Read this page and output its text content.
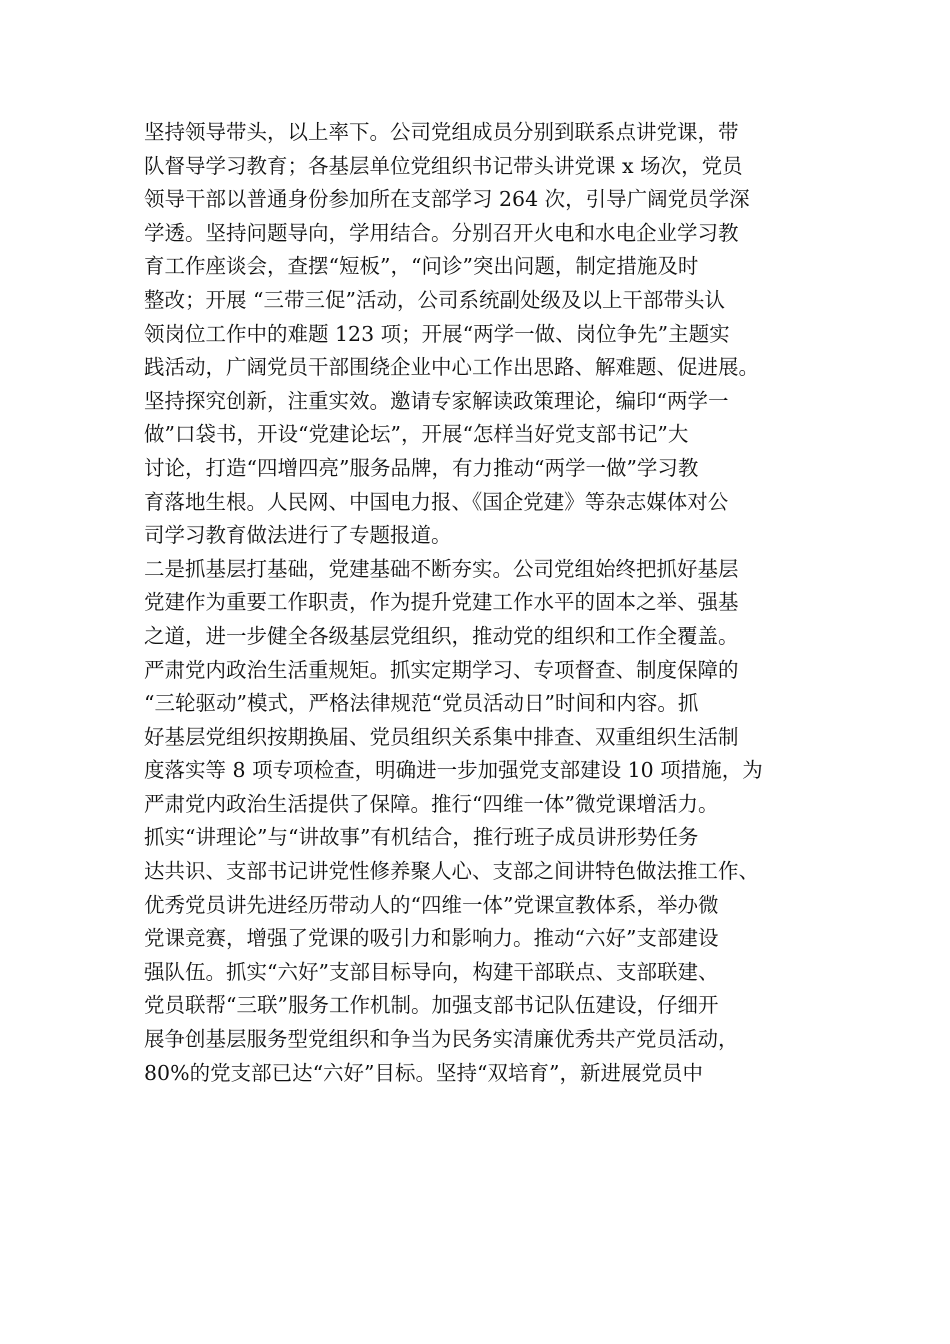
坚持领导带头，以上率下。公司党组成员分别到联系点讲党课，带
队督导学习教育；各基层单位党组织书记带头讲党课 x 场次，党员
领导干部以普通身份参加所在支部学习 264 次，引导广阔党员学深
学透。坚持问题导向，学用结合。分别召开火电和水电企业学习教
育工作座谈会，查摆“短板”，“问诊”突出问题，制定措施及时
整改；开展 “三带三促”活动，公司系统副处级及以上干部带头认
领岗位工作中的难题 123 项；开展“两学一做、岗位争先”主题实
践活动，广阔党员干部围绕企业中心工作出思路、解难题、促进展。
坚持探究创新，注重实效。邀请专家解读政策理论，编印“两学一
做”口袋书，开设“党建论坛”，开展“怎样当好党支部书记”大
讨论，打造“四增四亮”服务品牌，有力推动“两学一做”学习教
育落地生根。人民网、中国电力报、《国企党建》等杂志媒体对公
司学习教育做法进行了专题报道。
二是抓基层打基础，党建基础不断夯实。公司党组始终把抓好基层
党建作为重要工作职责，作为提升党建工作水平的固本之举、强基
之道，进一步健全各级基层党组织，推动党的组织和工作全覆盖。
严肃党内政治生活重规矩。抓实定期学习、专项督查、制度保障的
“三轮驱动”模式，严格法律规范“党员活动日”时间和内容。抓
好基层党组织按期换届、党员组织关系集中排查、双重组织生活制
度落实等 8 项专项检查，明确进一步加强党支部建设 10 项措施，为
严肃党内政治生活提供了保障。推行“四维一体”微党课增活力。
抓实“讲理论”与“讲故事”有机结合，推行班子成员讲形势任务
达共识、支部书记讲党性修养聚人心、支部之间讲特色做法推工作、
优秀党员讲先进经历带动人的“四维一体”党课宣教体系，举办微
党课竞赛，增强了党课的吸引力和影响力。推动“六好”支部建设
强队伍。抓实“六好”支部目标导向，构建干部联点、支部联建、
党员联帮“三联”服务工作机制。加强支部书记队伍建设，仔细开
展争创基层服务型党组织和争当为民务实清廉优秀共产党员活动，
80%的党支部已达“六好”目标。坚持“双培育”，新进展党员中
